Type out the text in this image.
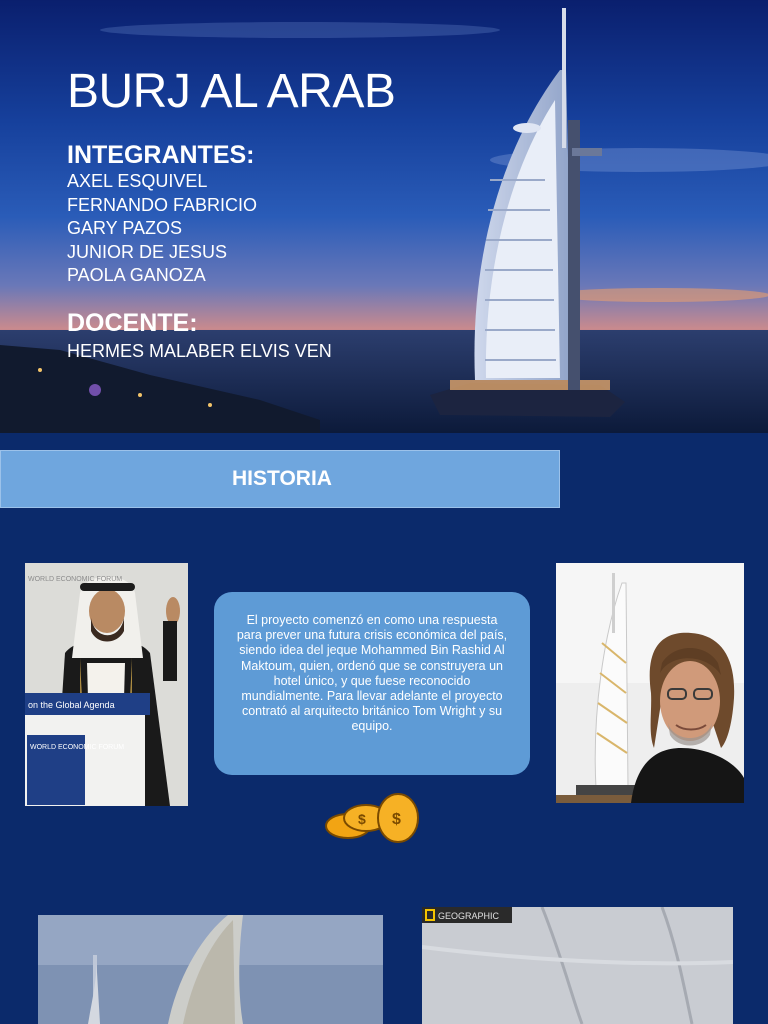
BURJ AL ARAB
INTEGRANTES:
AXEL ESQUIVEL
FERNANDO FABRICIO
GARY PAZOS
JUNIOR DE JESUS
PAOLA GANOZA
DOCENTE:
HERMES MALABER ELVIS VEN
HISTORIA
on the Global Agenda
WORLD ECONOMIC FORUM
WORLD ECONOMIC FORUM
El proyecto comenzó en como una respuesta para prever una futura crisis económica del país, siendo idea del jeque Mohammed Bin Rashid Al Maktoum, quien, ordenó que se construyera un hotel único, y que fuese reconocido mundialmente. Para llevar adelante el proyecto contrató al arquitecto británico Tom Wright y su equipo.
$ $
GEOGRAPHIC
